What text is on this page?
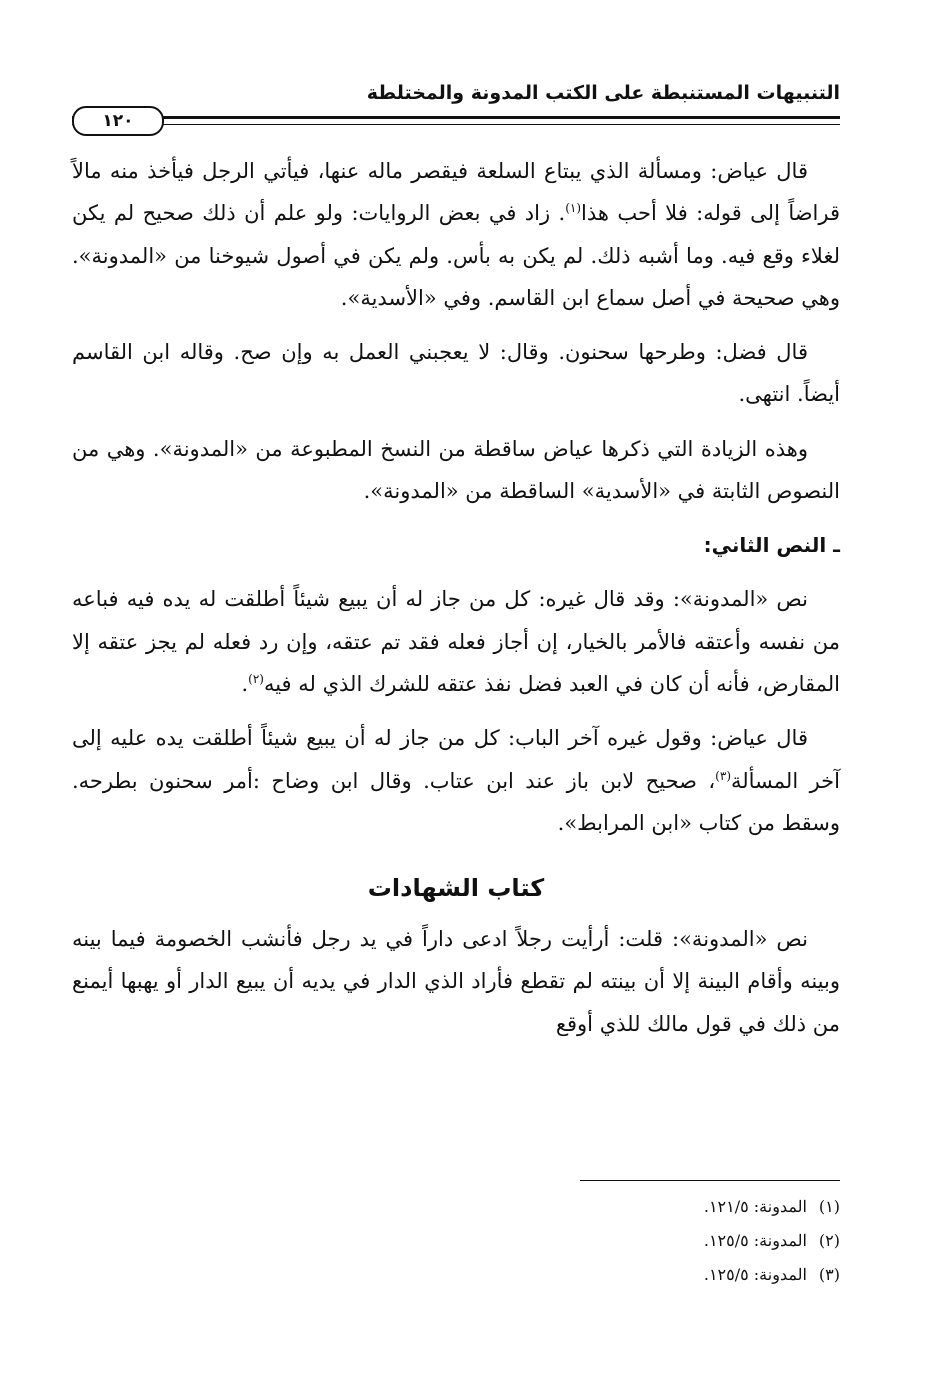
التنبيهات المستنبطة على الكتب المدونة والمختلطة
١٢٠

قال عياض: ومسألة الذي يبتاع السلعة فيقصر ماله عنها، فيأتي الرجل فيأخذ منه مالاً قراضاً إلى قوله: فلا أحب هذا$^{(١)}$. زاد في بعض الروايات: ولو علم أن ذلك صحيح لم يكن لغلاء وقع فيه. وما أشبه ذلك. لم يكن به بأس. ولم يكن في أصول شيوخنا من «المدونة». وهي صحيحة في أصل سماع ابن القاسم. وفي «الأسدية».

قال فضل: وطرحها سحنون. وقال: لا يعجبني العمل به وإن صح. وقاله ابن القاسم أيضاً. انتهى.

وهذه الزيادة التي ذكرها عياض ساقطة من النسخ المطبوعة من «المدونة». وهي من النصوص الثابتة في «الأسدية» الساقطة من «المدونة».

ـ النص الثاني:

نص «المدونة»: وقد قال غيره: كل من جاز له أن يبيع شيئاً أطلقت له يده فيه فباعه من نفسه وأعتقه فالأمر بالخيار، إن أجاز فعله فقد تم عتقه، وإن رد فعله لم يجز عتقه إلا المقارض، فأنه أن كان في العبد فضل نفذ عتقه للشرك الذي له فيه$^{(٢)}$.

قال عياض: وقول غيره آخر الباب: كل من جاز له أن يبيع شيئاً أطلقت يده عليه إلى آخر المسألة$^{(٣)}$، صحيح لابن باز عند ابن عتاب. وقال ابن وضاح :أمر سحنون بطرحه. وسقط من كتاب «ابن المرابط».

كتاب الشهادات

نص «المدونة»: قلت: أرأيت رجلاً ادعى داراً في يد رجل فأنشب الخصومة فيما بينه وبينه وأقام البينة إلا أن بينته لم تقطع فأراد الذي الدار في يديه أن يبيع الدار أو يهبها أيمنع من ذلك في قول مالك للذي أوقع

(١)المدونة: ١٢١/٥.
(٢)المدونة: ١٢٥/٥.
(٣)المدونة: ١٢٥/٥.
